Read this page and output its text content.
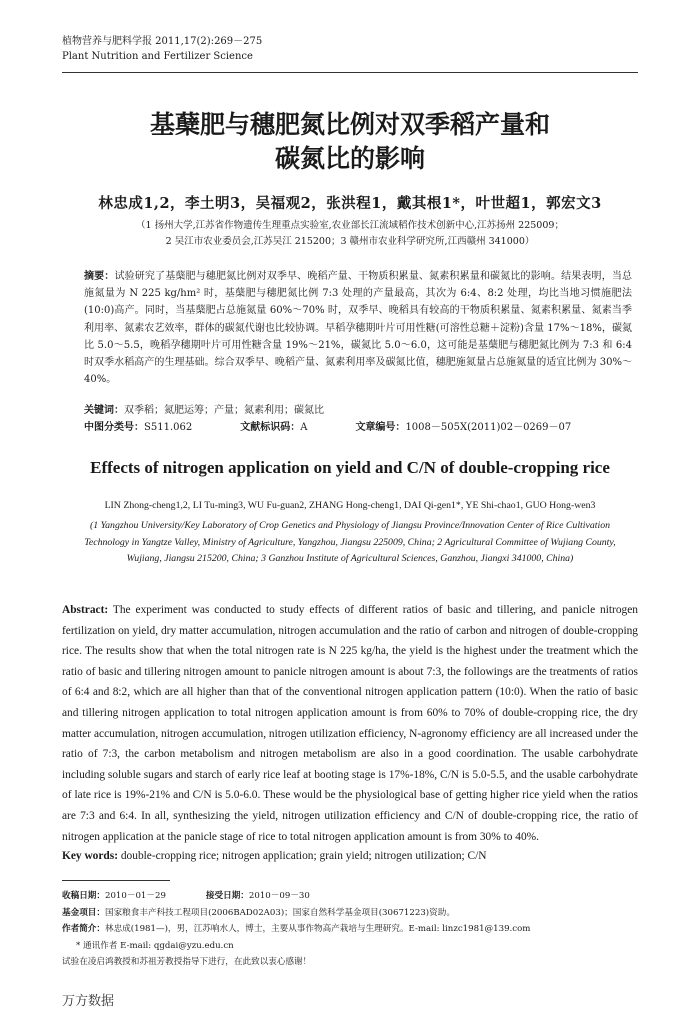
植物营养与肥料学报 2011,17(2):269－275
Plant Nutrition and Fertilizer Science
基蘖肥与穗肥氮比例对双季稻产量和
碳氮比的影响
林忠成1,2，李土明3，吴福观2，张洪程1，戴其根1*，叶世超1，郭宏文3
（1 扬州大学,江苏省作物遗传生理重点实验室,农业部长江流域稻作技术创新中心,江苏扬州 225009；
2 吴江市农业委员会,江苏吴江 215200；3 赣州市农业科学研究所,江西赣州 341000）
摘要：试验研究了基蘖肥与穗肥氮比例对双季早、晚稻产量、干物质积累量、氮素积累量和碳氮比的影响。结果表明，当总施氮量为 N 225 kg/hm² 时，基蘖肥与穗肥氮比例 7:3 处理的产量最高，其次为 6:4、8:2 处理，均比当地习惯施肥法(10:0)高产。同时，当基蘖肥占总施氮量 60%～70% 时，双季早、晚稻具有较高的干物质积累量、氮素积累量、氮素当季利用率、氮素农艺效率，群体的碳氮代谢也比较协调。早稻孕穗期叶片可用性糖(可溶性总糖＋淀粉)含量 17%～18%，碳氮比 5.0～5.5，晚稻孕穗期叶片可用性糖含量 19%～21%，碳氮比 5.0～6.0，这可能是基蘖肥与穗肥氮比例为 7:3 和 6:4 时双季水稻高产的生理基础。综合双季早、晚稻产量、氮素利用率及碳氮比值，穗肥施氮量占总施氮量的适宜比例为 30%～40%。
关键词：双季稻；氮肥运筹；产量；氮素利用；碳氮比
中图分类号：S511.062	文献标识码：A	文章编号：1008－505X(2011)02－0269－07
Effects of nitrogen application on yield and C/N of double-cropping rice
LIN Zhong-cheng1,2, LI Tu-ming3, WU Fu-guan2, ZHANG Hong-cheng1, DAI Qi-gen1*, YE Shi-chao1, GUO Hong-wen3
(1 Yangzhou University/Key Laboratory of Crop Genetics and Physiology of Jiangsu Province/Innovation Center of Rice Cultivation Technology in Yangtze Valley, Ministry of Agriculture, Yangzhou, Jiangsu 225009, China; 2 Agricultural Committee of Wujiang County, Wujiang, Jiangsu 215200, China; 3 Ganzhou Institute of Agricultural Sciences, Ganzhou, Jiangxi 341000, China)
Abstract: The experiment was conducted to study effects of different ratios of basic and tillering, and panicle nitrogen fertilization on yield, dry matter accumulation, nitrogen accumulation and the ratio of carbon and nitrogen of double-cropping rice. The results show that when the total nitrogen rate is N 225 kg/ha, the yield is the highest under the treatment which the ratio of basic and tillering nitrogen amount to panicle nitrogen amount is about 7:3, the followings are the treatments of ratios of 6:4 and 8:2, which are all higher than that of the conventional nitrogen application pattern (10:0). When the ratio of basic and tillering nitrogen application to total nitrogen application amount is from 60% to 70% of double-cropping rice, the dry matter accumulation, nitrogen accumulation, nitrogen utilization efficiency, N-agronomy efficiency are all increased under the ratio of 7:3, the carbon metabolism and nitrogen metabolism are also in a good coordination. The usable carbohydrate including soluble sugars and starch of early rice leaf at booting stage is 17%-18%, C/N is 5.0-5.5, and the usable carbohydrate of late rice is 19%-21% and C/N is 5.0-6.0. These would be the physiological base of getting higher rice yield when the ratios are 7:3 and 6:4. In all, synthesizing the yield, nitrogen utilization efficiency and C/N of double-cropping rice, the ratio of nitrogen application at the panicle stage of rice to total nitrogen application amount is from 30% to 40%.
Key words: double-cropping rice; nitrogen application; grain yield; nitrogen utilization; C/N
收稿日期：2010－01－29	接受日期：2010－09－30
基金项目：国家粮食丰产科技工程项目(2006BAD02A03)；国家自然科学基金项目(30671223)资助。
作者简介：林忠成(1981—)，男，江苏响水人，博士，主要从事作物高产栽培与生理研究。E-mail: linzc1981@139.com
* 通讯作者 E-mail: qgdai@yzu.edu.cn
试验在凌启鸿教授和苏祖芳教授指导下进行，在此致以衷心感谢！
万方数据
